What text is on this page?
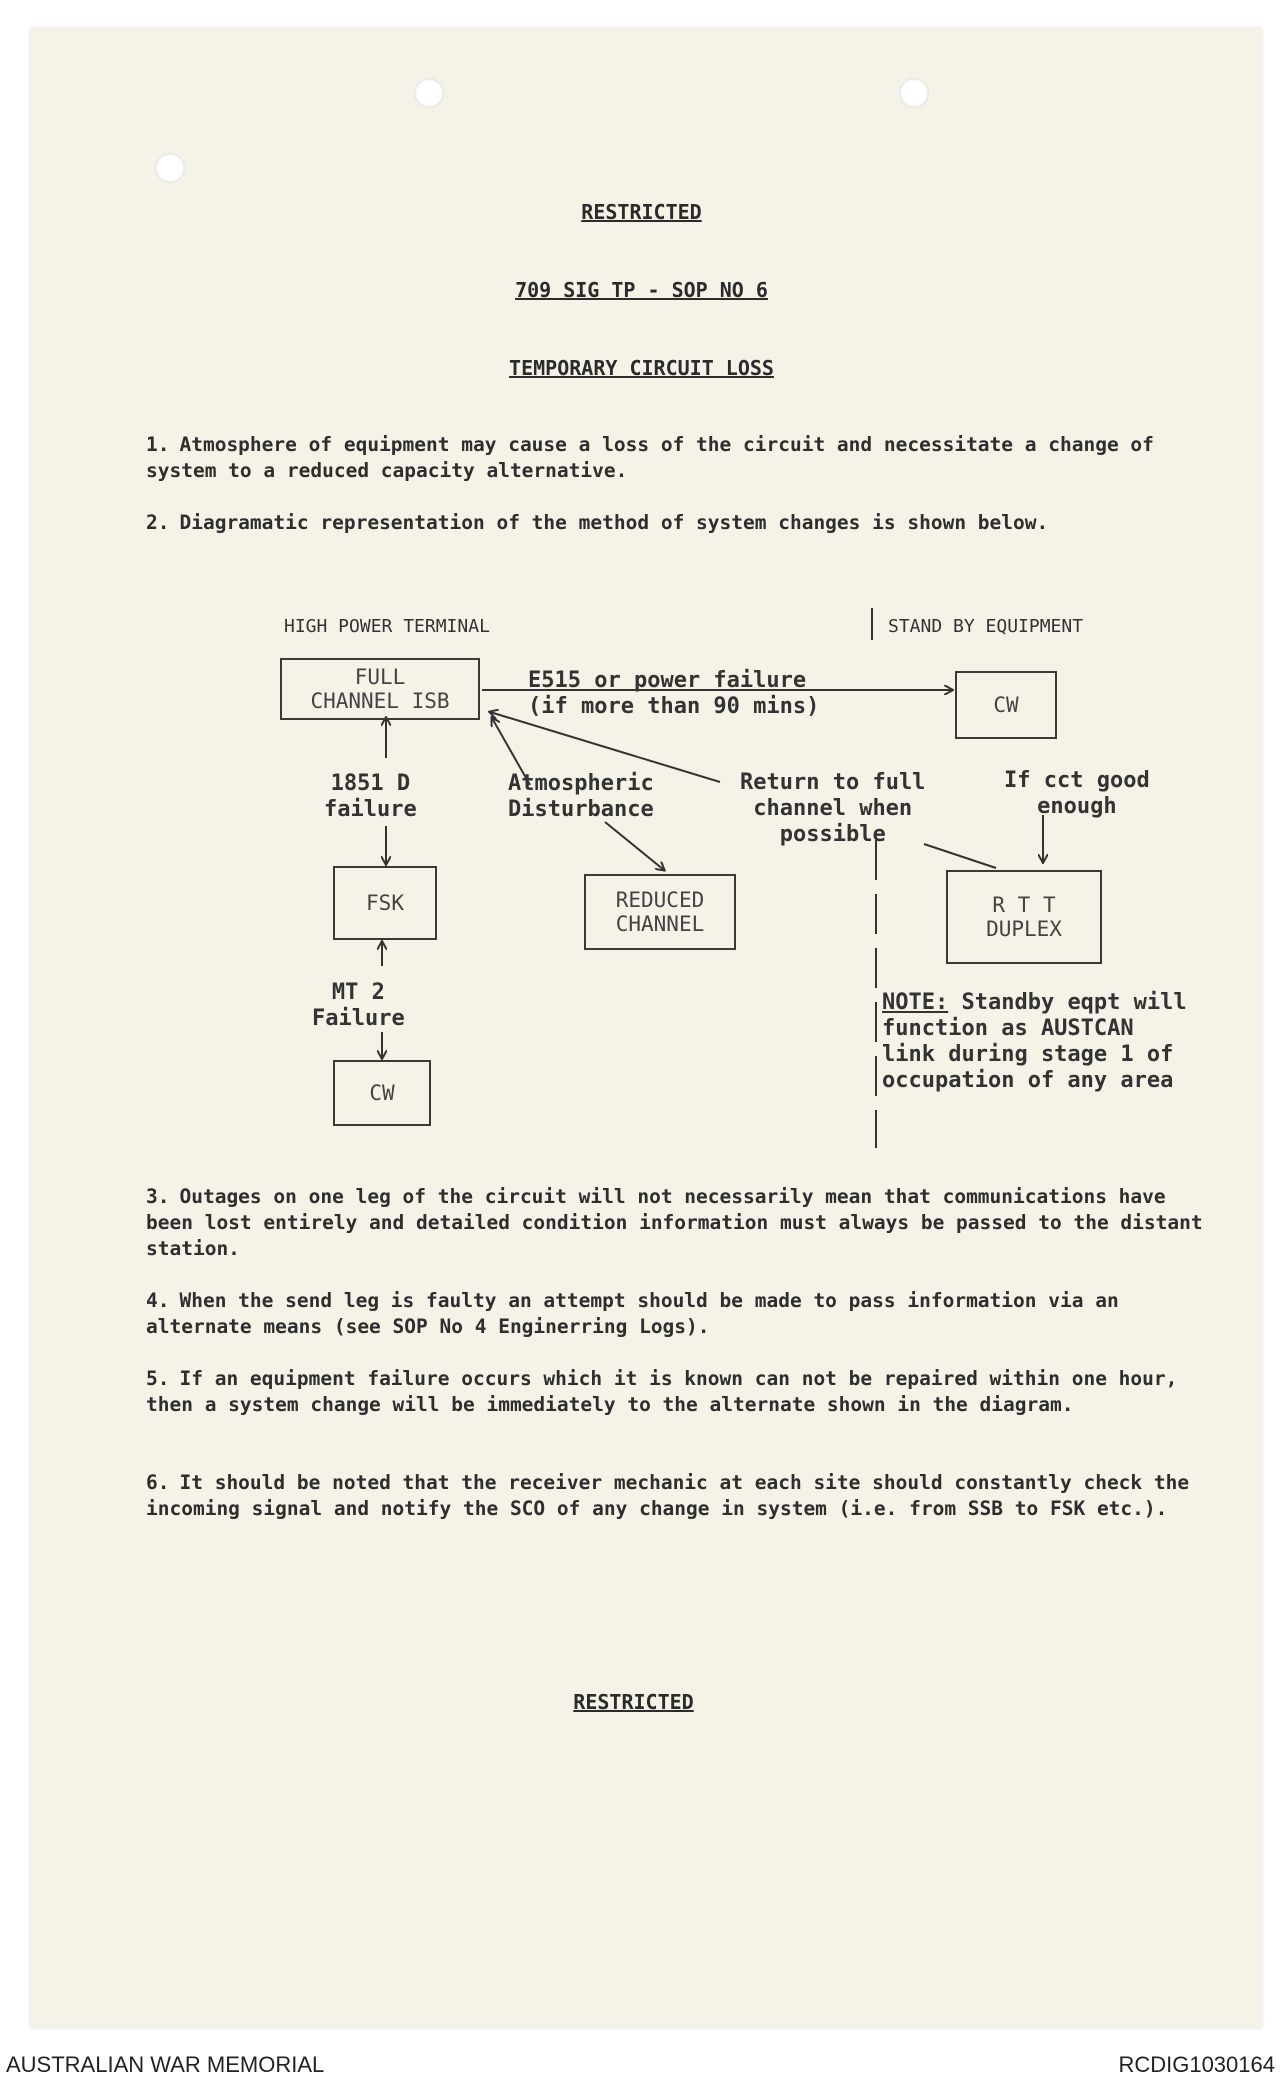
RESTRICTED
709 SIG TP - SOP NO 6
TEMPORARY CIRCUIT LOSS
1. Atmosphere of equipment may cause a loss of the circuit and necessitate a change of system to a reduced capacity alternative.
2. Diagramatic representation of the method of system changes is shown below.
HIGH POWER TERMINAL	STAND BY EQUIPMENT
FULL
CHANNEL ISB	CW
FSK	REDUCED
CHANNEL
R T T
DUPLEX
CW
E515 or power failure
(if more than 90 mins)
1851 D
failure
Atmospheric
Disturbance
Return to full
channel when
possible
If cct good
enough
MT 2
Failure
NOTE: Standby eqpt will
function as AUSTCAN
link during stage 1 of
occupation of any area
3. Outages on one leg of the circuit will not necessarily mean that communications have been lost entirely and detailed condition information must always be passed to the distant station.
4. When the send leg is faulty an attempt should be made to pass information via an alternate means (see SOP No 4 Enginerring Logs).
5. If an equipment failure occurs which it is known can not be repaired within one hour, then a system change will be immediately to the alternate shown in the diagram.
6. It should be noted that the receiver mechanic at each site should constantly check the incoming signal and notify the SCO of any change in system (i.e. from SSB to FSK etc.).
RESTRICTED
AUSTRALIAN WAR MEMORIAL	RCDIG1030164
